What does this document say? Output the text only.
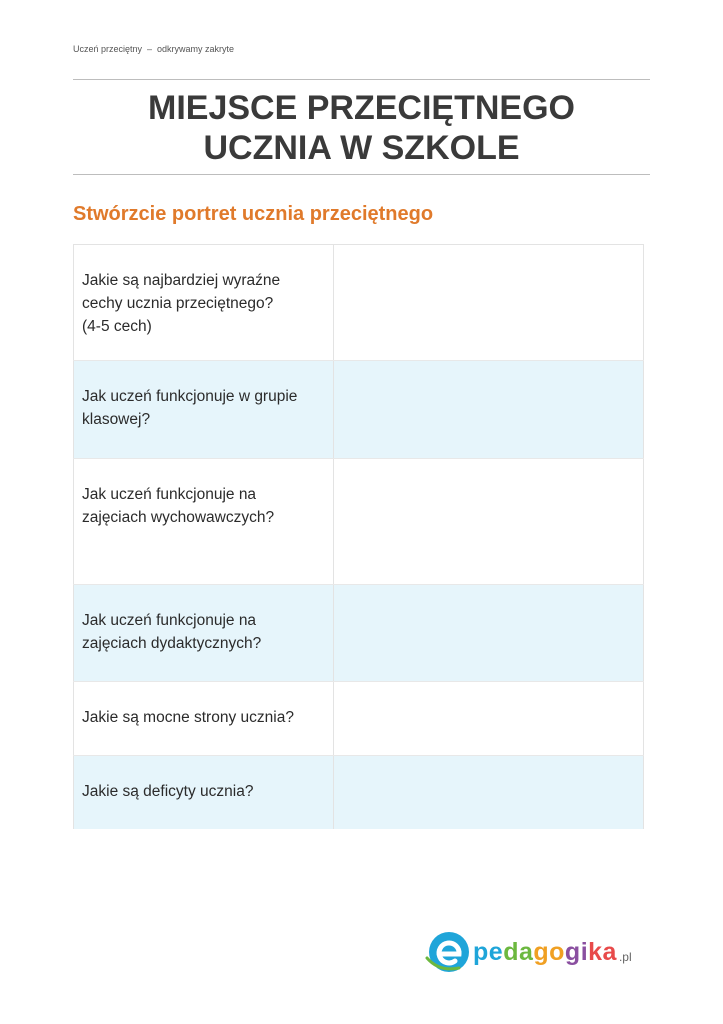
Uczeń przeciętny  –  odkrywamy zakryte
MIEJSCE PRZECIĘTNEGO
UCZNIA W SZKOLE
Stwórzcie portret ucznia przeciętnego
Jakie są najbardziej wyraźne
cechy ucznia przeciętnego?
(4-5 cech)
Jak uczeń funkcjonuje w grupie
klasowej?
Jak uczeń funkcjonuje na
zajęciach wychowawczych?
Jak uczeń funkcjonuje na
zajęciach dydaktycznych?
Jakie są mocne strony ucznia?
Jakie są deficyty ucznia?
pedagogika .pl
